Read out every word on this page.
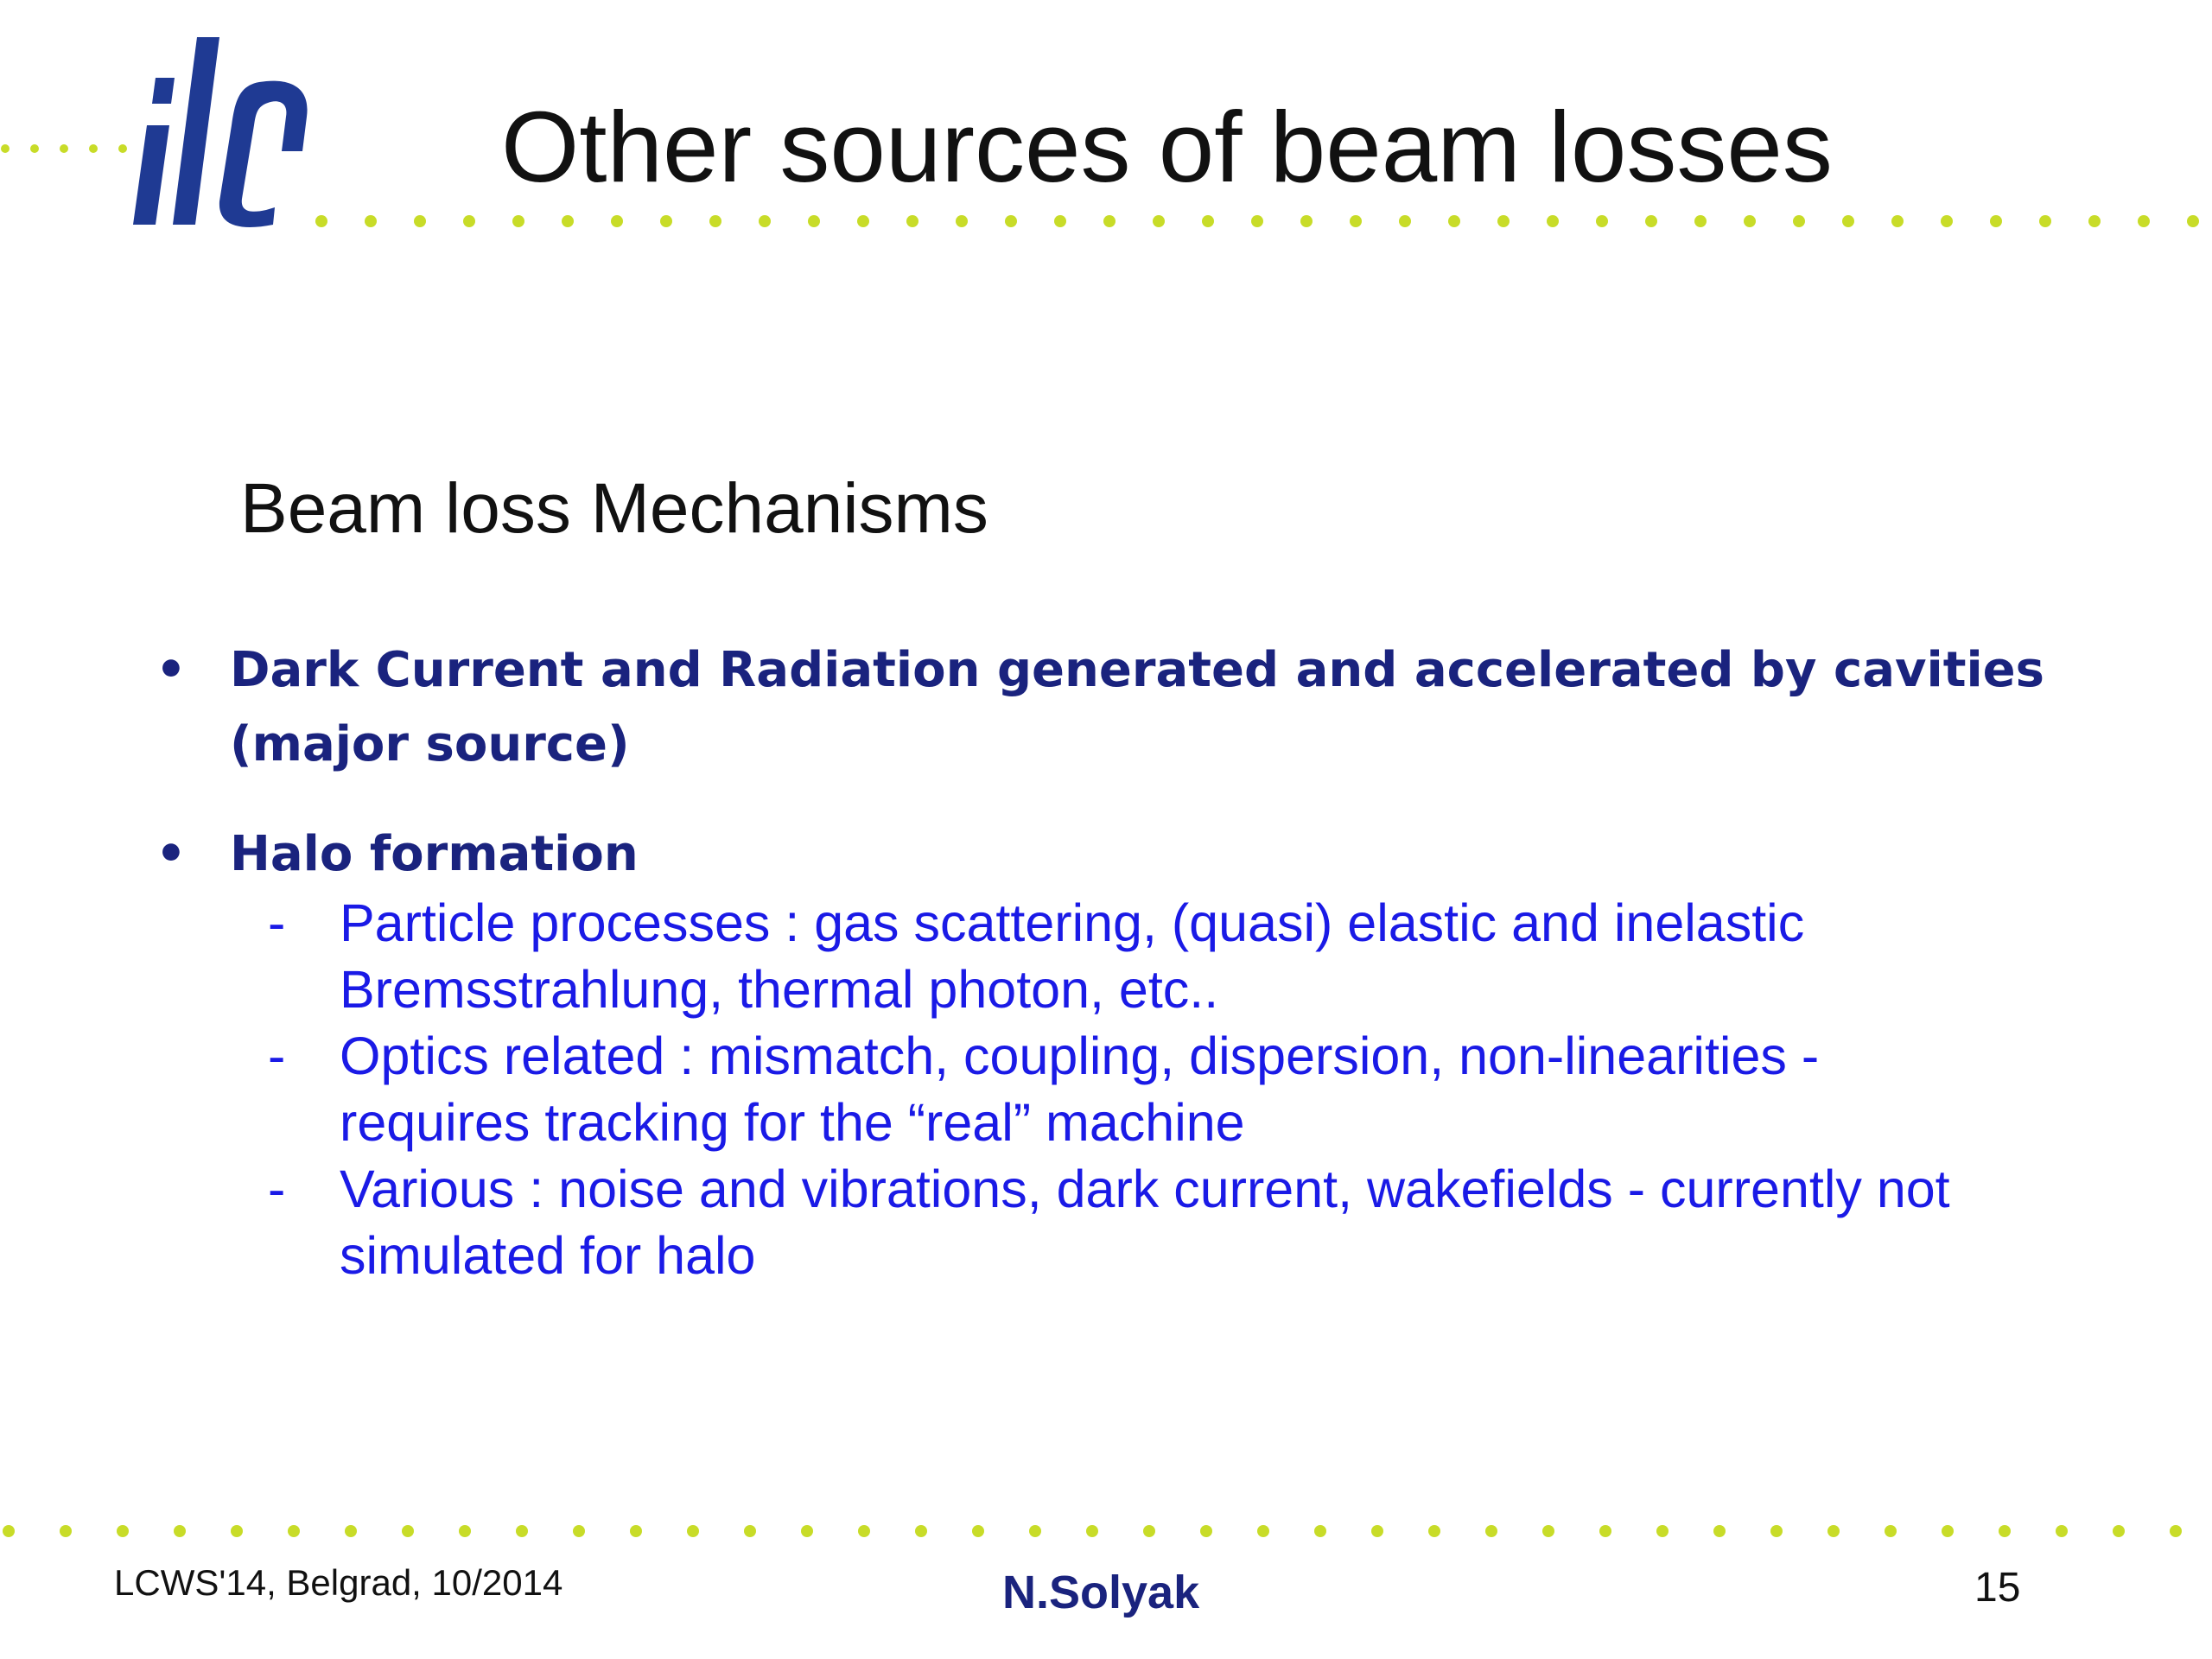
Other sources of beam losses
Beam loss Mechanisms
• Dark Current and Radiation generated and accelerated by cavities (major source)
• Halo formation
- Particle processes : gas scattering, (quasi) elastic and inelastic Bremsstrahlung, thermal photon, etc..
- Optics related : mismatch, coupling, dispersion, non-linearities - requires tracking for the “real” machine
- Various : noise and vibrations, dark current, wakefields - currently not simulated for halo
LCWS'14, Belgrad, 10/2014	N.Solyak	15
